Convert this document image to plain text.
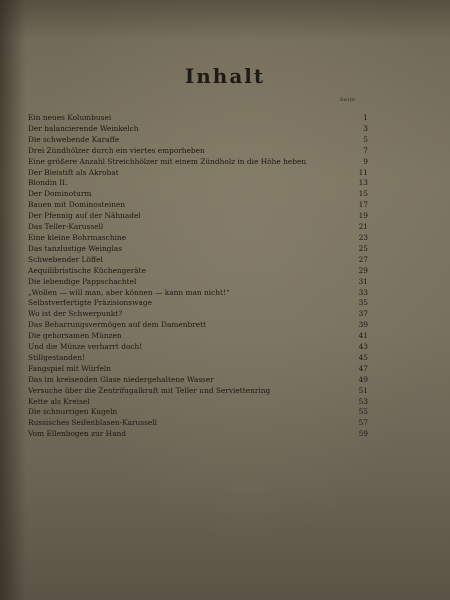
Inhalt
Seite
Ein neues Kolumbusei	1
Der balancierende Weinkelch	3
Die schwebende Karaffe	5
Drei Zündhölzer durch ein viertes emporheben	7
Eine größere Anzahl Streichhölzer mit einem Zündholz in die Höhe heben	9
Der Bleistift als Akrobat	11
Blondin II.	13
Der Dominoturm	15
Bauen mit Dominosteinen	17
Der Pfennig auf der Nähnadel	19
Das Teller-Karussell	21
Eine kleine Bohrmaschine	23
Das tanzlustige Weinglas	25
Schwebender Löffel	27
Aequilibristische Küchengeräte	29
Die lebendige Pappschachtel	31
„Wollen — will man, aber können — kann man nicht!“	33
Selbstverfertigte Präzisionswage	35
Wo ist der Schwerpunkt?	37
Das Beharrungsvermögen auf dem Damenbrett	39
Die gehorsamen Münzen	41
Und die Münze verharrt doch!	43
Stillgestanden!	45
Fangspiel mit Würfeln	47
Das im kreisenden Glase niedergehaltene Wasser	49
Versuche über die Zentrifugalkraft mit Teller und Serviettenring	51
Kette als Kreisel	53
Die schnurrigen Kugeln	55
Russisches Seifenblasen-Karussell	57
Vom Ellenbogen zur Hand	59
